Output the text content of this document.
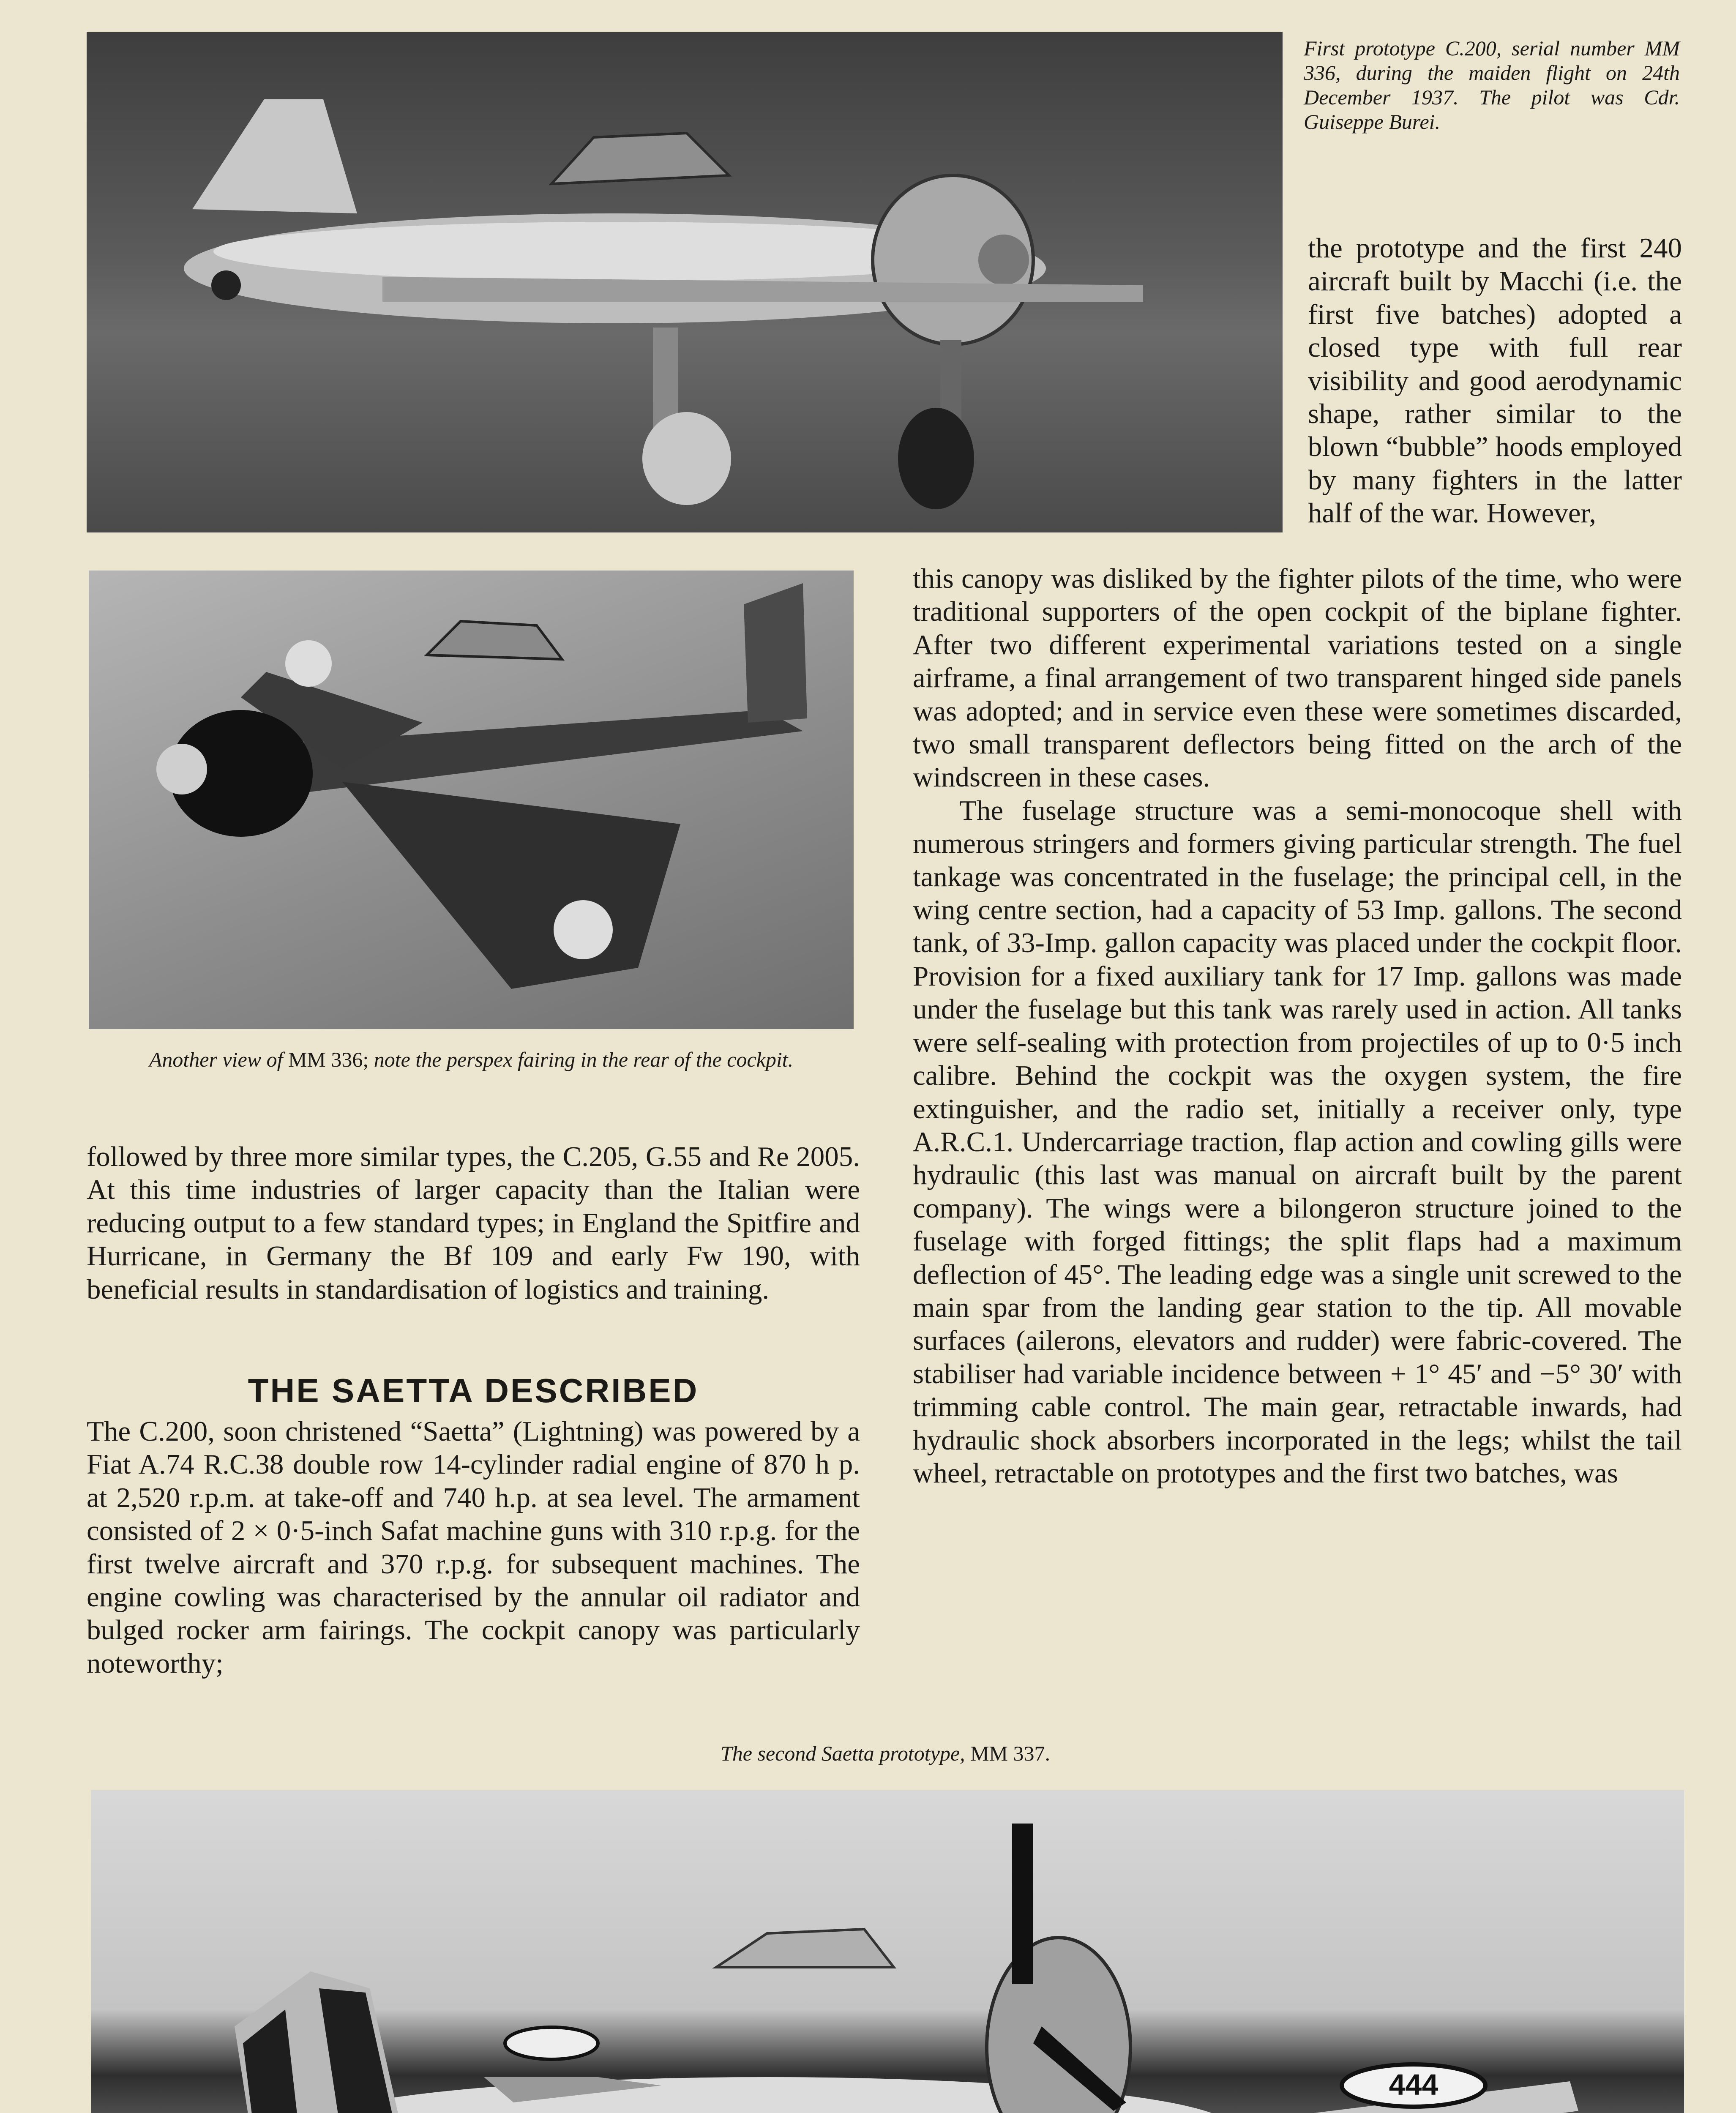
First prototype C.200, serial number MM 336, during the maiden flight on 24th December 1937. The pilot was Cdr. Guiseppe Burei.

the prototype and the first 240 aircraft built by Macchi (i.e. the first five batches) adopted a closed type with full rear visibility and good aerodynamic shape, rather similar to the blown “bubble” hoods employed by many fighters in the latter half of the war. However,

Another view of MM 336; note the perspex fairing in the rear of the cockpit.

this canopy was disliked by the fighter pilots of the time, who were traditional supporters of the open cockpit of the biplane fighter. After two different experimental variations tested on a single airframe, a final arrangement of two transparent hinged side panels was adopted; and in service even these were sometimes discarded, two small transparent deflectors being fitted on the arch of the windscreen in these cases.

The fuselage structure was a semi-monocoque shell with numerous stringers and formers giving particular strength. The fuel tankage was concentrated in the fuselage; the principal cell, in the wing centre section, had a capacity of 53 Imp. gallons. The second tank, of 33-Imp. gallon capacity was placed under the cockpit floor. Provision for a fixed auxiliary tank for 17 Imp. gallons was made under the fuselage but this tank was rarely used in action. All tanks were self-sealing with protection from projectiles of up to 0·5 inch calibre. Behind the cockpit was the oxygen system, the fire extinguisher, and the radio set, initially a receiver only, type A.R.C.1. Undercarriage traction, flap action and cowling gills were hydraulic (this last was manual on aircraft built by the parent company). The wings were a bilongeron structure joined to the fuselage with forged fittings; the split flaps had a maximum deflection of 45°. The leading edge was a single unit screwed to the main spar from the landing gear station to the tip. All movable surfaces (ailerons, elevators and rudder) were fabric-covered. The stabiliser had variable incidence between + 1° 45′ and −5° 30′ with trimming cable control. The main gear, retractable inwards, had hydraulic shock absorbers incorporated in the legs; whilst the tail wheel, retractable on prototypes and the first two batches, was

followed by three more similar types, the C.205, G.55 and Re 2005. At this time industries of larger capacity than the Italian were reducing output to a few standard types; in England the Spitfire and Hurricane, in Germany the Bf 109 and early Fw 190, with beneficial results in standardisation of logistics and training.

THE SAETTA DESCRIBED

The C.200, soon christened “Saetta” (Lightning) was powered by a Fiat A.74 R.C.38 double row 14-cylinder radial engine of 870 h p. at 2,520 r.p.m. at take-off and 740 h.p. at sea level. The armament consisted of 2 × 0·5-inch Safat machine guns with 310 r.p.g. for the first twelve aircraft and 370 r.p.g. for subsequent machines. The engine cowling was characterised by the annular oil radiator and bulged rocker arm fairings. The cockpit canopy was particularly noteworthy;

The second Saetta prototype, MM 337.
444
